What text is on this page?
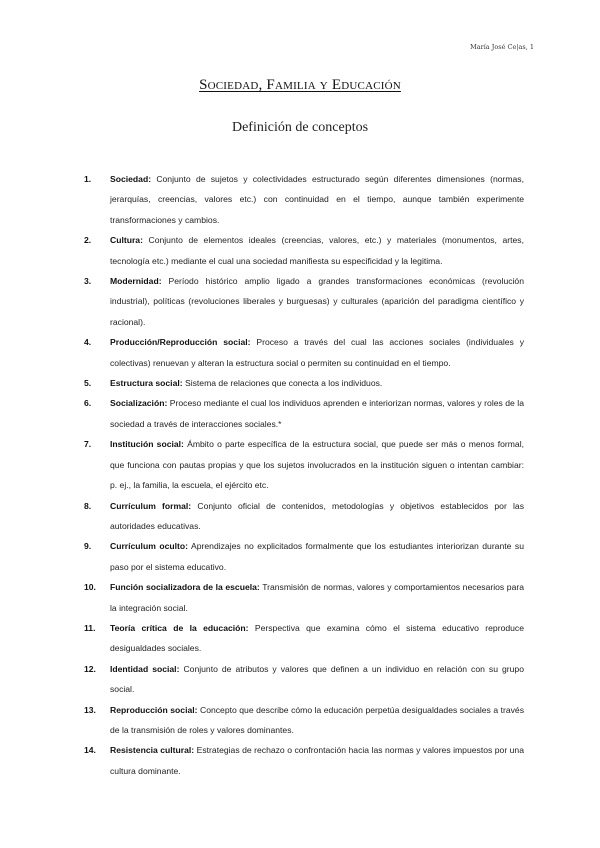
María José Ce|as, 1
Sociedad, Familia y Educación
Definición de conceptos
1. Sociedad: Conjunto de sujetos y colectividades estructurado según diferentes dimensiones (normas, jerarquías, creencias, valores etc.) con continuidad en el tiempo, aunque también experimente transformaciones y cambios.
2. Cultura: Conjunto de elementos ideales (creencias, valores, etc.) y materiales (monumentos, artes, tecnología etc.) mediante el cual una sociedad manifiesta su especificidad y la legitima.
3. Modernidad: Período histórico amplio ligado a grandes transformaciones económicas (revolución industrial), políticas (revoluciones liberales y burguesas) y culturales (aparición del paradigma científico y racional).
4. Producción/Reproducción social: Proceso a través del cual las acciones sociales (individuales y colectivas) renuevan y alteran la estructura social o permiten su continuidad en el tiempo.
5. Estructura social: Sistema de relaciones que conecta a los individuos.
6. Socialización: Proceso mediante el cual los individuos aprenden e interiorizan normas, valores y roles de la sociedad a través de interacciones sociales.*
7. Institución social: Ámbito o parte específica de la estructura social, que puede ser más o menos formal, que funciona con pautas propias y que los sujetos involucrados en la institución siguen o intentan cambiar: p. ej., la familia, la escuela, el ejército etc.
8. Currículum formal: Conjunto oficial de contenidos, metodologías y objetivos establecidos por las autoridades educativas.
9. Currículum oculto: Aprendizajes no explicitados formalmente que los estudiantes interiorizan durante su paso por el sistema educativo.
10. Función socializadora de la escuela: Transmisión de normas, valores y comportamientos necesarios para la integración social.
11. Teoría crítica de la educación: Perspectiva que examina cómo el sistema educativo reproduce desigualdades sociales.
12. Identidad social: Conjunto de atributos y valores que definen a un individuo en relación con su grupo social.
13. Reproducción social: Concepto que describe cómo la educación perpetúa desigualdades sociales a través de la transmisión de roles y valores dominantes.
14. Resistencia cultural: Estrategias de rechazo o confrontación hacia las normas y valores impuestos por una cultura dominante.
